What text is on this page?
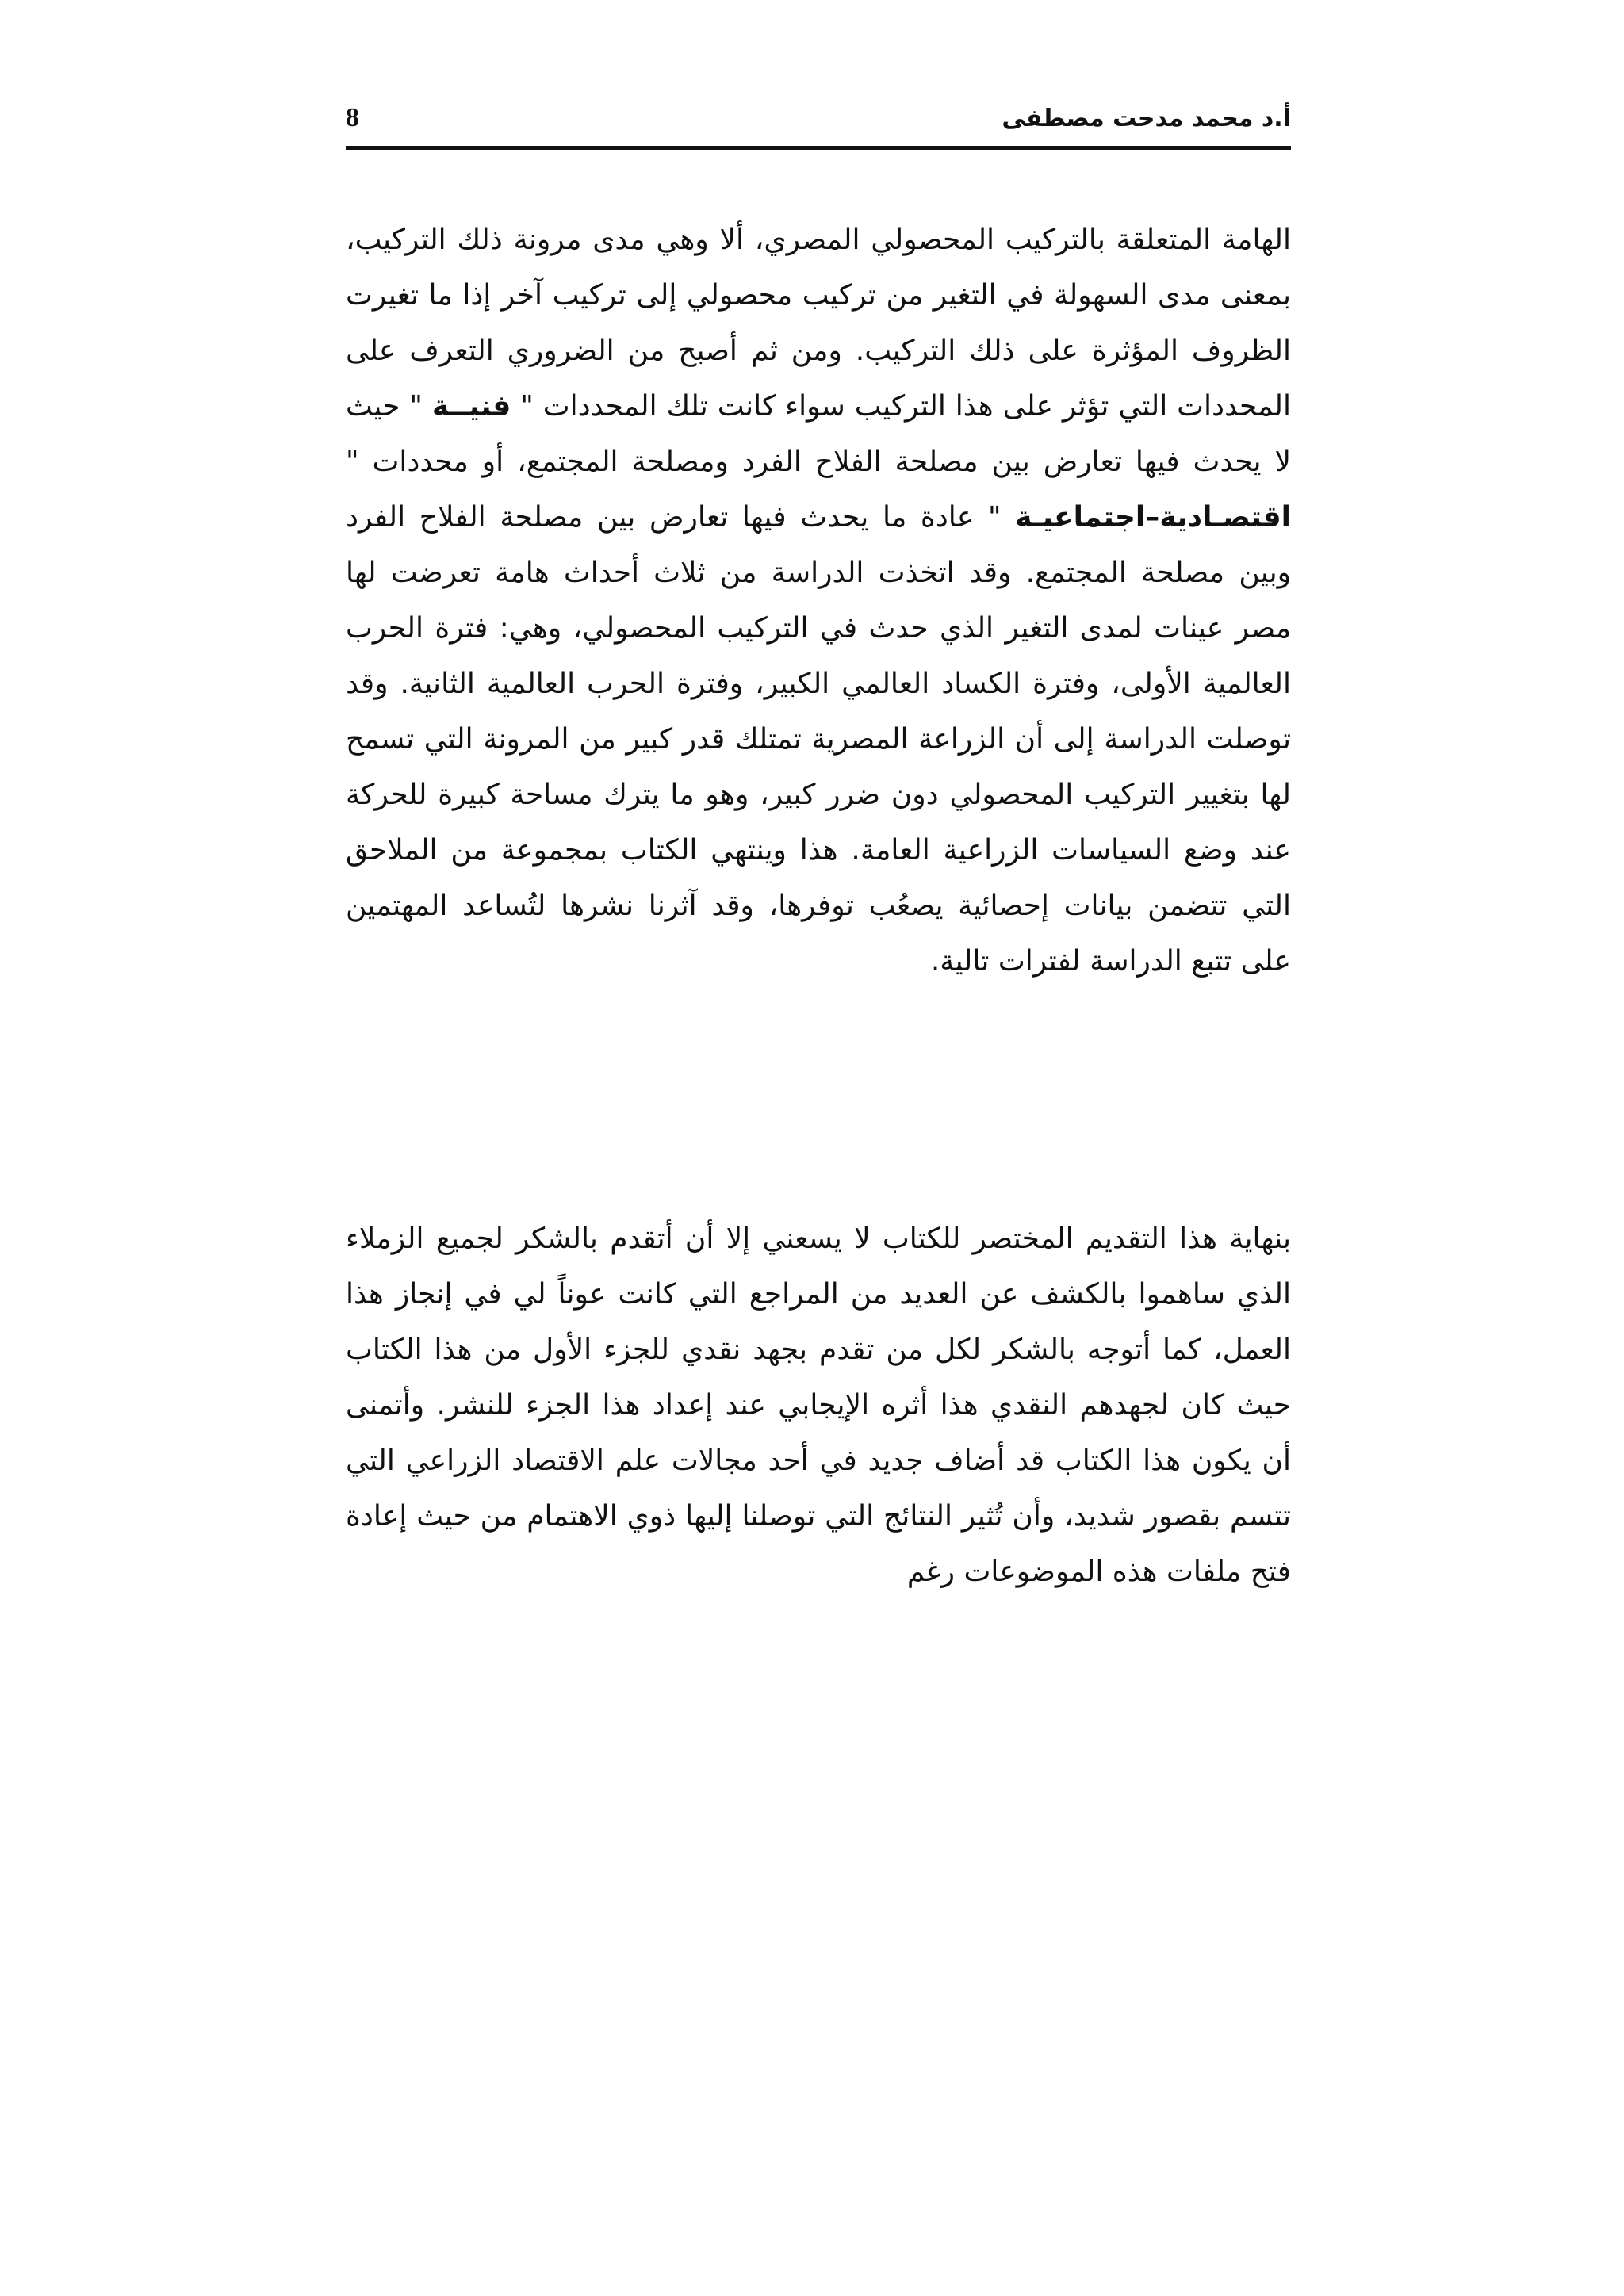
8	أ.د محمد مدحت مصطفى

الهامة المتعلقة بالتركيب المحصولي المصري، ألا وهي مدى مرونة ذلك التركيب، بمعنى مدى السهولة في التغير من تركيب محصولي إلى تركيب آخر إذا ما تغيرت الظروف المؤثرة على ذلك التركيب. ومن ثم أصبح من الضروري التعرف على المحددات التي تؤثر على هذا التركيب سواء كانت تلك المحددات " فنيــة " حيث لا يحدث فيها تعارض بين مصلحة الفلاح الفرد ومصلحة المجتمع، أو محددات " اقتصـادية–اجتماعيـة " عادة ما يحدث فيها تعارض بين مصلحة الفلاح الفرد وبين مصلحة المجتمع. وقد اتخذت الدراسة من ثلاث أحداث هامة تعرضت لها مصر عينات لمدى التغير الذي حدث في التركيب المحصولي، وهي: فترة الحرب العالمية الأولى، وفترة الكساد العالمي الكبير، وفترة الحرب العالمية الثانية. وقد توصلت الدراسة إلى أن الزراعة المصرية تمتلك قدر كبير من المرونة التي تسمح لها بتغيير التركيب المحصولي دون ضرر كبير، وهو ما يترك مساحة كبيرة للحركة عند وضع السياسات الزراعية العامة. هذا وينتهي الكتاب بمجموعة من الملاحق التي تتضمن بيانات إحصائية يصعُب توفرها، وقد آثرنا نشرها لتُساعد المهتمين على تتبع الدراسة لفترات تالية.

بنهاية هذا التقديم المختصر للكتاب لا يسعني إلا أن أتقدم بالشكر لجميع الزملاء الذي ساهموا بالكشف عن العديد من المراجع التي كانت عوناً لي في إنجاز هذا العمل، كما أتوجه بالشكر لكل من تقدم بجهد نقدي للجزء الأول من هذا الكتاب حيث كان لجهدهم النقدي هذا أثره الإيجابي عند إعداد هذا الجزء للنشر. وأتمنى أن يكون هذا الكتاب قد أضاف جديد في أحد مجالات علم الاقتصاد الزراعي التي تتسم بقصور شديد، وأن تُثير النتائج التي توصلنا إليها ذوي الاهتمام من حيث إعادة فتح ملفات هذه الموضوعات رغم
